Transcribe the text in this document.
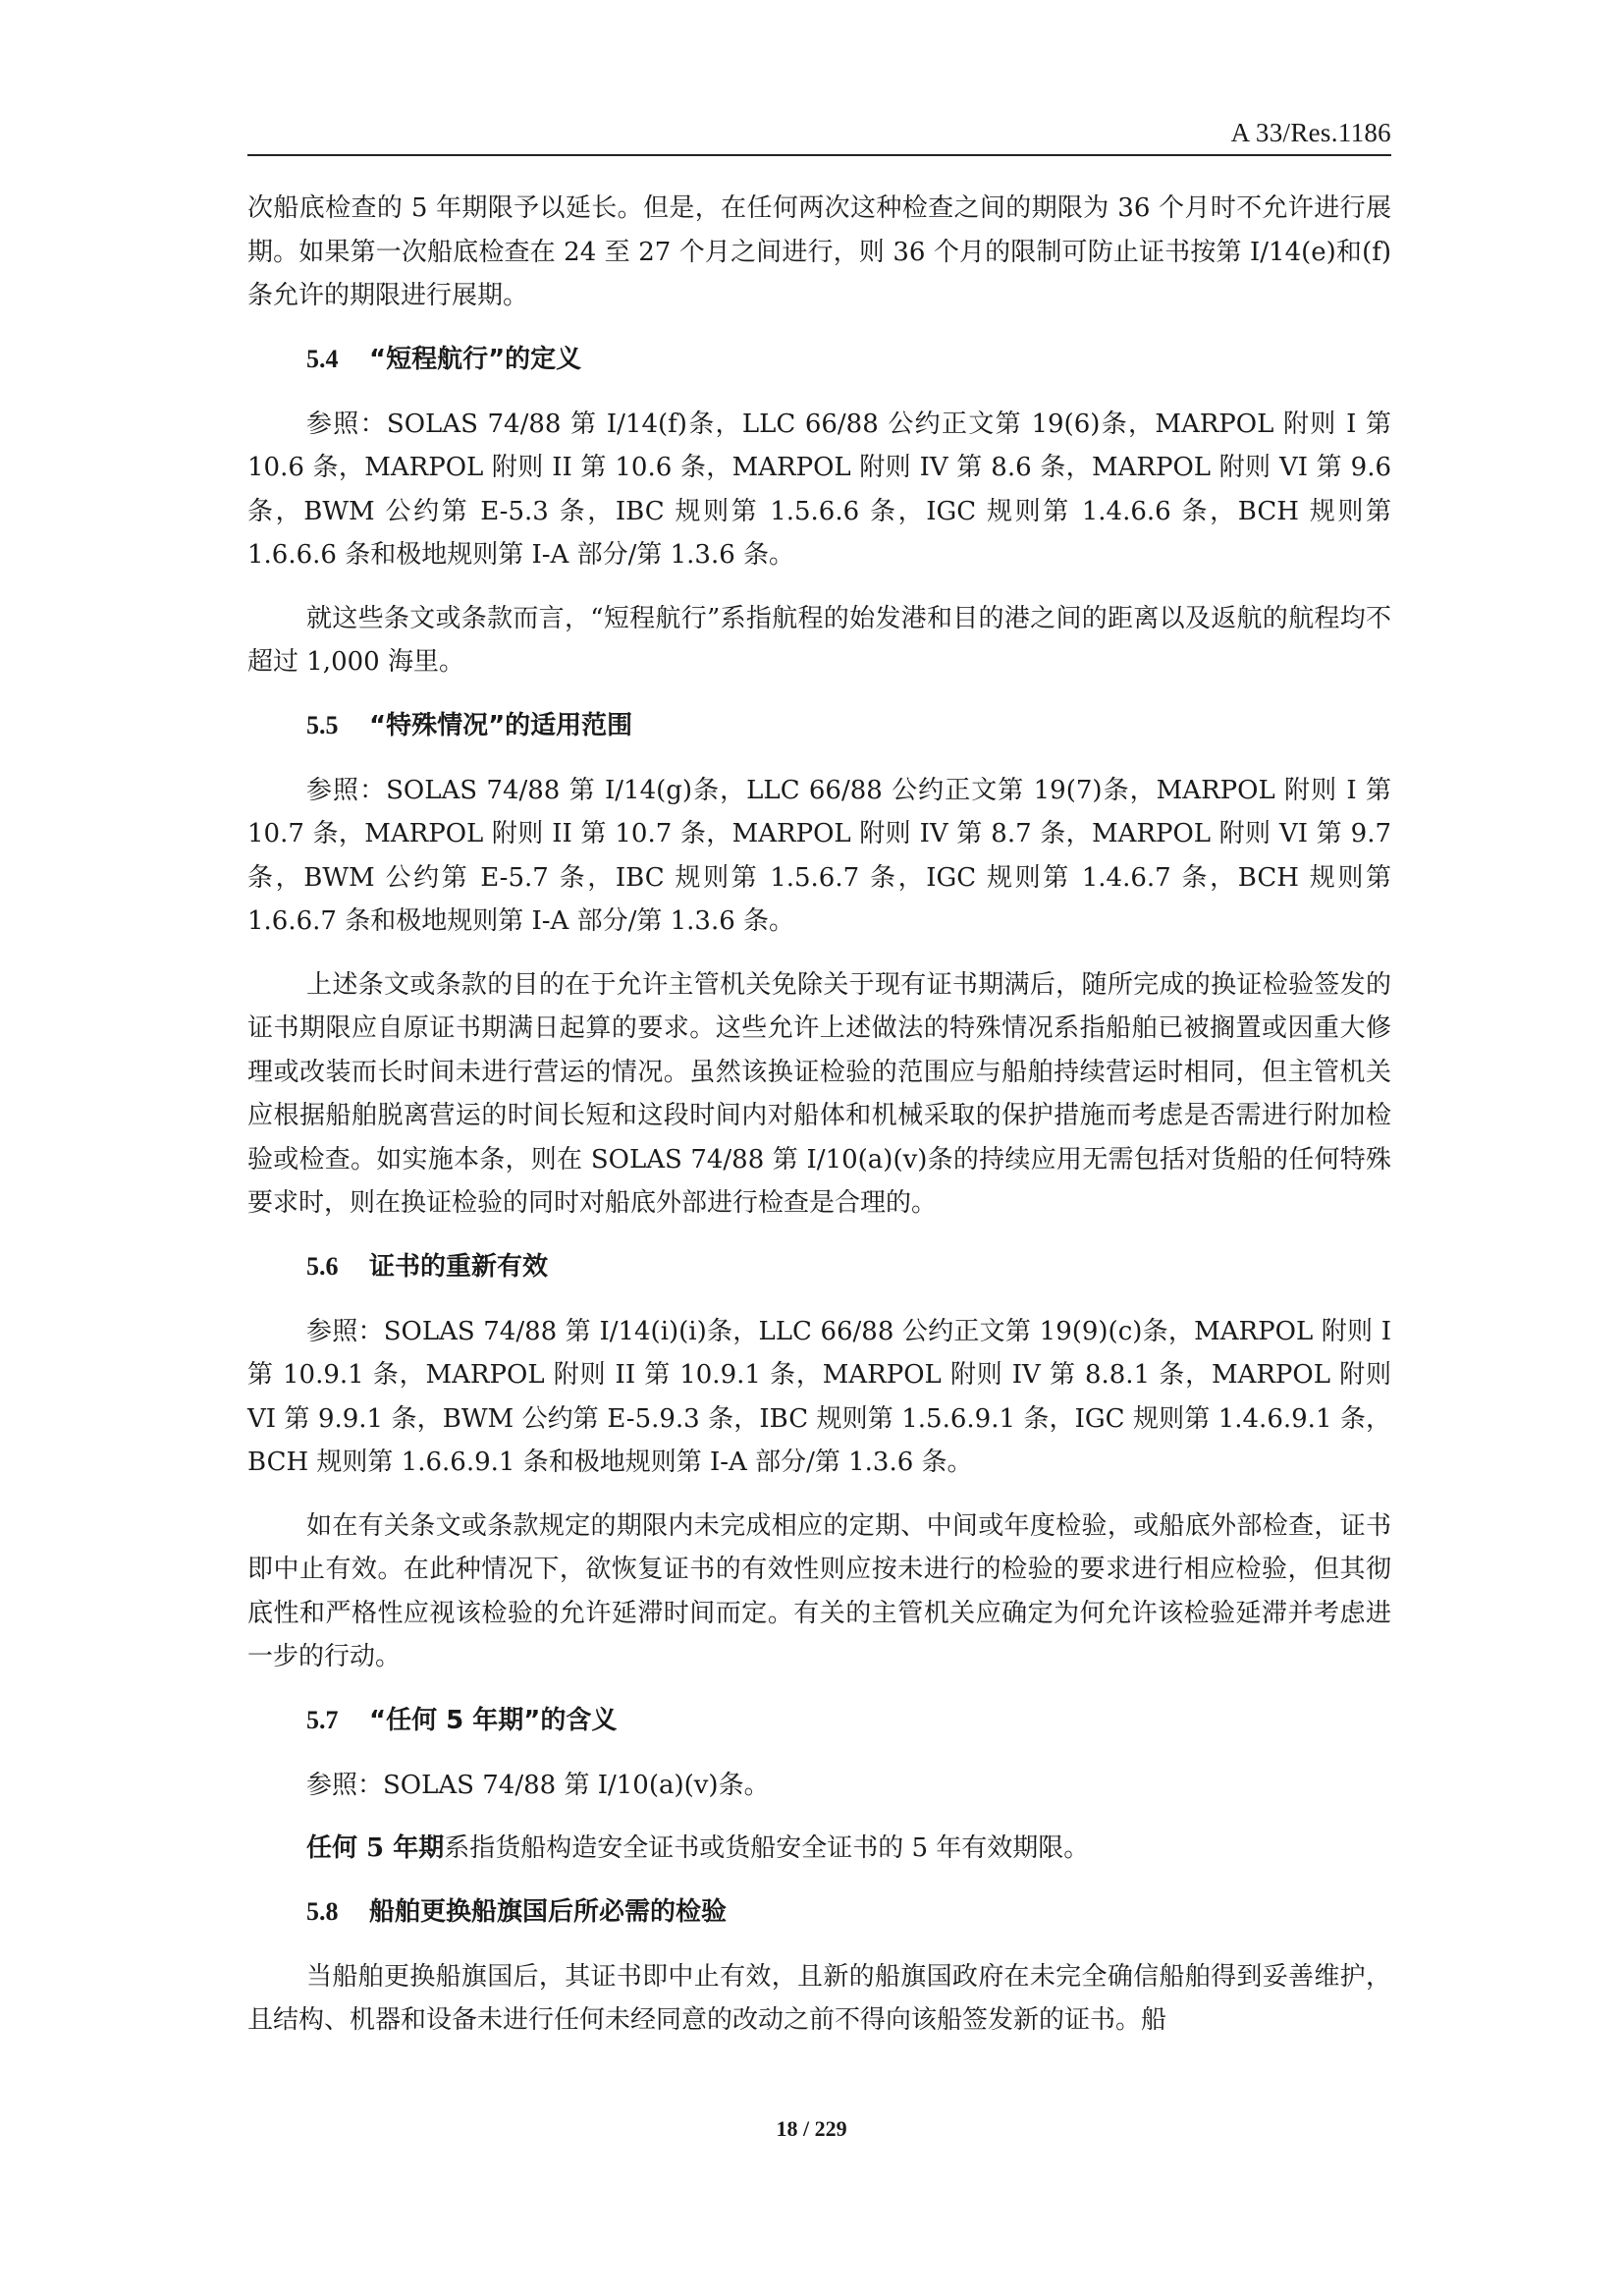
A 33/Res.1186

次船底检查的 5 年期限予以延长。但是，在任何两次这种检查之间的期限为 36 个月时不允许进行展期。如果第一次船底检查在 24 至 27 个月之间进行，则 36 个月的限制可防止证书按第 I/14(e)和(f)条允许的期限进行展期。

5.4 “短程航行”的定义

参照：SOLAS 74/88 第 I/14(f)条，LLC 66/88 公约正文第 19(6)条，MARPOL 附则 I 第 10.6 条，MARPOL 附则 II 第 10.6 条，MARPOL 附则 IV 第 8.6 条，MARPOL 附则 VI 第 9.6 条，BWM 公约第 E-5.3 条，IBC 规则第 1.5.6.6 条，IGC 规则第 1.4.6.6 条，BCH 规则第 1.6.6.6 条和极地规则第 I-A 部分/第 1.3.6 条。

就这些条文或条款而言，“短程航行”系指航程的始发港和目的港之间的距离以及返航的航程均不超过 1,000 海里。

5.5 “特殊情况”的适用范围

参照：SOLAS 74/88 第 I/14(g)条，LLC 66/88 公约正文第 19(7)条，MARPOL 附则 I 第 10.7 条，MARPOL 附则 II 第 10.7 条，MARPOL 附则 IV 第 8.7 条，MARPOL 附则 VI 第 9.7 条，BWM 公约第 E-5.7 条，IBC 规则第 1.5.6.7 条，IGC 规则第 1.4.6.7 条，BCH 规则第 1.6.6.7 条和极地规则第 I-A 部分/第 1.3.6 条。

上述条文或条款的目的在于允许主管机关免除关于现有证书期满后，随所完成的换证检验签发的证书期限应自原证书期满日起算的要求。这些允许上述做法的特殊情况系指船舶已被搁置或因重大修理或改装而长时间未进行营运的情况。虽然该换证检验的范围应与船舶持续营运时相同，但主管机关应根据船舶脱离营运的时间长短和这段时间内对船体和机械采取的保护措施而考虑是否需进行附加检验或检查。如实施本条，则在 SOLAS 74/88 第 I/10(a)(v)条的持续应用无需包括对货船的任何特殊要求时，则在换证检验的同时对船底外部进行检查是合理的。

5.6 证书的重新有效

参照：SOLAS 74/88 第 I/14(i)(i)条，LLC 66/88 公约正文第 19(9)(c)条，MARPOL 附则 I 第 10.9.1 条，MARPOL 附则 II 第 10.9.1 条，MARPOL 附则 IV 第 8.8.1 条，MARPOL 附则 VI 第 9.9.1 条，BWM 公约第 E-5.9.3 条，IBC 规则第 1.5.6.9.1 条，IGC 规则第 1.4.6.9.1 条，BCH 规则第 1.6.6.9.1 条和极地规则第 I-A 部分/第 1.3.6 条。

如在有关条文或条款规定的期限内未完成相应的定期、中间或年度检验，或船底外部检查，证书即中止有效。在此种情况下，欲恢复证书的有效性则应按未进行的检验的要求进行相应检验，但其彻底性和严格性应视该检验的允许延滞时间而定。有关的主管机关应确定为何允许该检验延滞并考虑进一步的行动。

5.7 “任何 5 年期”的含义

参照：SOLAS 74/88 第 I/10(a)(v)条。

任何 5 年期系指货船构造安全证书或货船安全证书的 5 年有效期限。

5.8 船舶更换船旗国后所必需的检验

当船舶更换船旗国后，其证书即中止有效，且新的船旗国政府在未完全确信船舶得到妥善维护，且结构、机器和设备未进行任何未经同意的改动之前不得向该船签发新的证书。船

18 / 229
